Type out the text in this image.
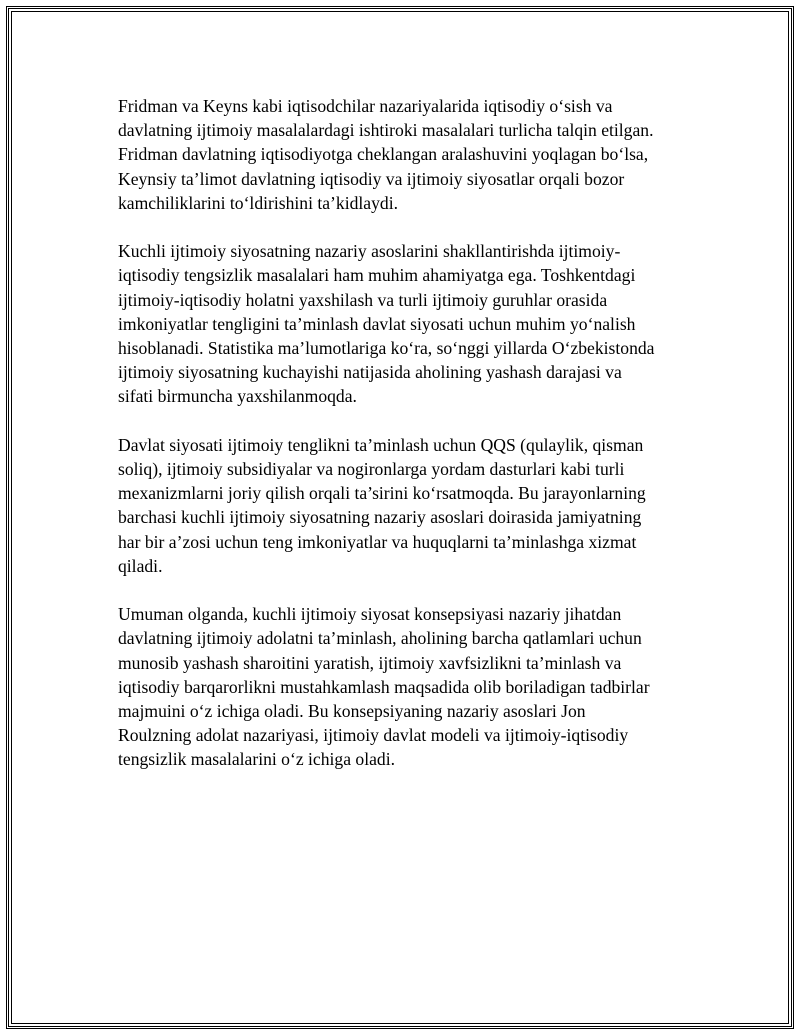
Fridman va Keyns kabi iqtisodchilar nazariyalarida iqtisodiy o‘sish va
davlatning ijtimoiy masalalardagi ishtiroki masalalari turlicha talqin etilgan.
Fridman davlatning iqtisodiyotga cheklangan aralashuvini yoqlagan bo‘lsa,
Keynsiy ta’limot davlatning iqtisodiy va ijtimoiy siyosatlar orqali bozor
kamchiliklarini to‘ldirishini ta’kidlaydi.

Kuchli ijtimoiy siyosatning nazariy asoslarini shakllantirishda ijtimoiy-
iqtisodiy tengsizlik masalalari ham muhim ahamiyatga ega. Toshkentdagi
ijtimoiy-iqtisodiy holatni yaxshilash va turli ijtimoiy guruhlar orasida
imkoniyatlar tengligini ta’minlash davlat siyosati uchun muhim yo‘nalish
hisoblanadi. Statistika ma’lumotlariga ko‘ra, so‘nggi yillarda O‘zbekistonda
ijtimoiy siyosatning kuchayishi natijasida aholining yashash darajasi va
sifati birmuncha yaxshilanmoqda.

Davlat siyosati ijtimoiy tenglikni ta’minlash uchun QQS (qulaylik, qisman
soliq), ijtimoiy subsidiyalar va nogironlarga yordam dasturlari kabi turli
mexanizmlarni joriy qilish orqali ta’sirini ko‘rsatmoqda. Bu jarayonlarning
barchasi kuchli ijtimoiy siyosatning nazariy asoslari doirasida jamiyatning
har bir a’zosi uchun teng imkoniyatlar va huquqlarni ta’minlashga xizmat
qiladi.

Umuman olganda, kuchli ijtimoiy siyosat konsepsiyasi nazariy jihatdan
davlatning ijtimoiy adolatni ta’minlash, aholining barcha qatlamlari uchun
munosib yashash sharoitini yaratish, ijtimoiy xavfsizlikni ta’minlash va
iqtisodiy barqarorlikni mustahkamlash maqsadida olib boriladigan tadbirlar
majmuini o‘z ichiga oladi. Bu konsepsiyaning nazariy asoslari Jon
Roulzning adolat nazariyasi, ijtimoiy davlat modeli va ijtimoiy-iqtisodiy
tengsizlik masalalarini o‘z ichiga oladi.
